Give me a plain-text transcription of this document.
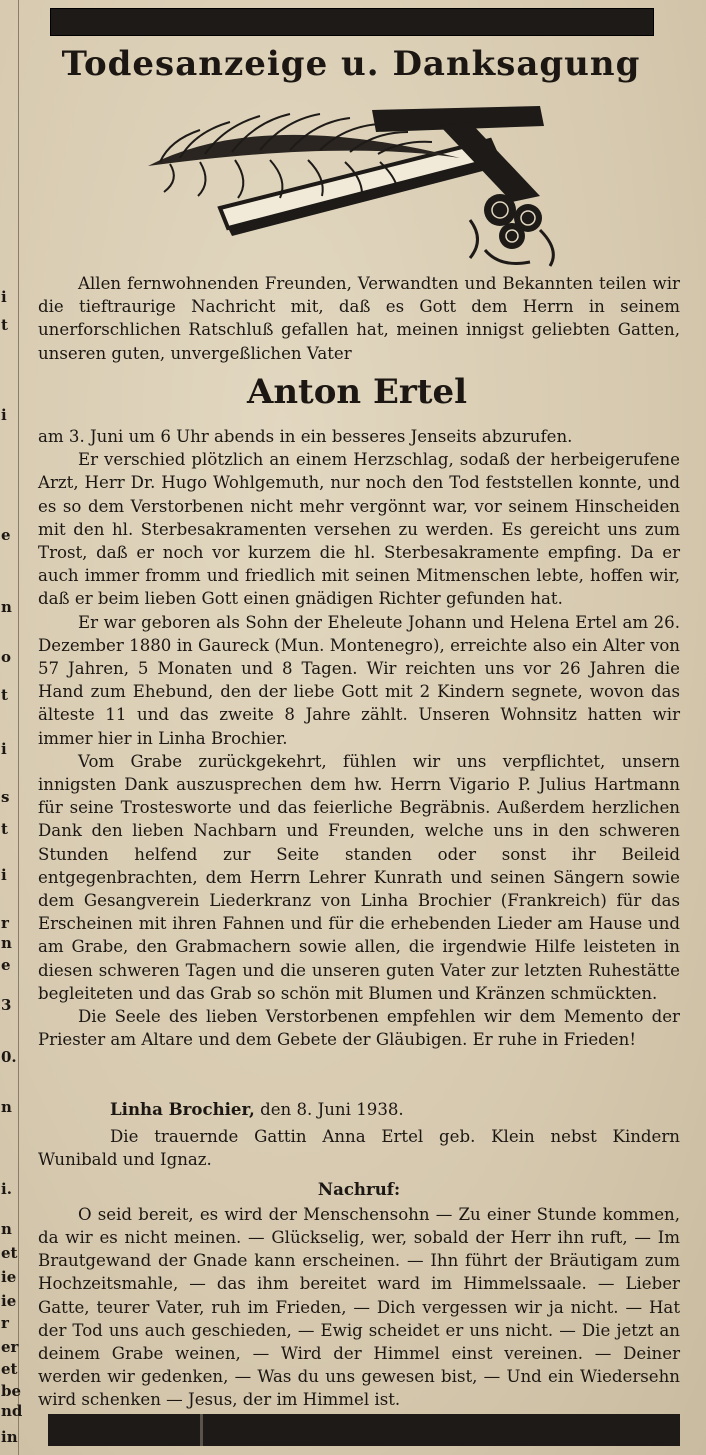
i
t
i
e
n
o
t
i
s
t
i
r
n
e
3
0.
n
i.
n
et
ie
ie
r
er
et
be
nd
in
Todesanzeige u. Danksagung

Allen fernwohnenden Freunden, Verwandten und Bekannten teilen wir die tieftraurige Nachricht mit, daß es Gott dem Herrn in seinem unerforschlichen Ratschluß gefallen hat, meinen innigst geliebten Gatten, unseren guten, unvergeßlichen Vater

Anton Ertel

am 3. Juni um 6 Uhr abends in ein besseres Jenseits abzurufen.

Er verschied plötzlich an einem Herzschlag, sodaß der herbeigerufene Arzt, Herr Dr. Hugo Wohlgemuth, nur noch den Tod feststellen konnte, und es so dem Verstorbenen nicht mehr vergönnt war, vor seinem Hinscheiden mit den hl. Sterbesakramenten versehen zu werden. Es gereicht uns zum Trost, daß er noch vor kurzem die hl. Sterbesakramente empfing. Da er auch immer fromm und friedlich mit seinen Mitmenschen lebte, hoffen wir, daß er beim lieben Gott einen gnädigen Richter gefunden hat.

Er war geboren als Sohn der Eheleute Johann und Helena Ertel am 26. Dezember 1880 in Gaureck (Mun. Montenegro), erreichte also ein Alter von 57 Jahren, 5 Monaten und 8 Tagen. Wir reichten uns vor 26 Jahren die Hand zum Ehebund, den der liebe Gott mit 2 Kindern segnete, wovon das älteste 11 und das zweite 8 Jahre zählt. Unseren Wohnsitz hatten wir immer hier in Linha Brochier.

Vom Grabe zurückgekehrt, fühlen wir uns verpflichtet, unsern innigsten Dank auszusprechen dem hw. Herrn Vigario P. Julius Hartmann für seine Trostesworte und das feierliche Begräbnis. Außerdem herzlichen Dank den lieben Nachbarn und Freunden, welche uns in den schweren Stunden helfend zur Seite standen oder sonst ihr Beileid entgegenbrachten, dem Herrn Lehrer Kunrath und seinen Sängern sowie dem Gesangverein Liederkranz von Linha Brochier (Frankreich) für das Erscheinen mit ihren Fahnen und für die erhebenden Lieder am Hause und am Grabe, den Grabmachern sowie allen, die irgendwie Hilfe leisteten in diesen schweren Tagen und die unseren guten Vater zur letzten Ruhestätte begleiteten und das Grab so schön mit Blumen und Kränzen schmückten.

Die Seele des lieben Verstorbenen empfehlen wir dem Memento der Priester am Altare und dem Gebete der Gläubigen. Er ruhe in Frieden!

Linha Brochier, den 8. Juni 1938.

Die trauernde Gattin Anna Ertel geb. Klein nebst Kindern Wunibald und Ignaz.

Nachruf:

O seid bereit, es wird der Menschensohn — Zu einer Stunde kommen, da wir es nicht meinen. — Glückselig, wer, sobald der Herr ihn ruft, — Im Brautgewand der Gnade kann erscheinen. — Ihn führt der Bräutigam zum Hochzeitsmahle, — das ihm bereitet ward im Himmelssaale. — Lieber Gatte, teurer Vater, ruh im Frieden, — Dich vergessen wir ja nicht. — Hat der Tod uns auch geschieden, — Ewig scheidet er uns nicht. — Die jetzt an deinem Grabe weinen, — Wird der Himmel einst vereinen. — Deiner werden wir gedenken, — Was du uns gewesen bist, — Und ein Wiedersehn wird schenken — Jesus, der im Himmel ist.
